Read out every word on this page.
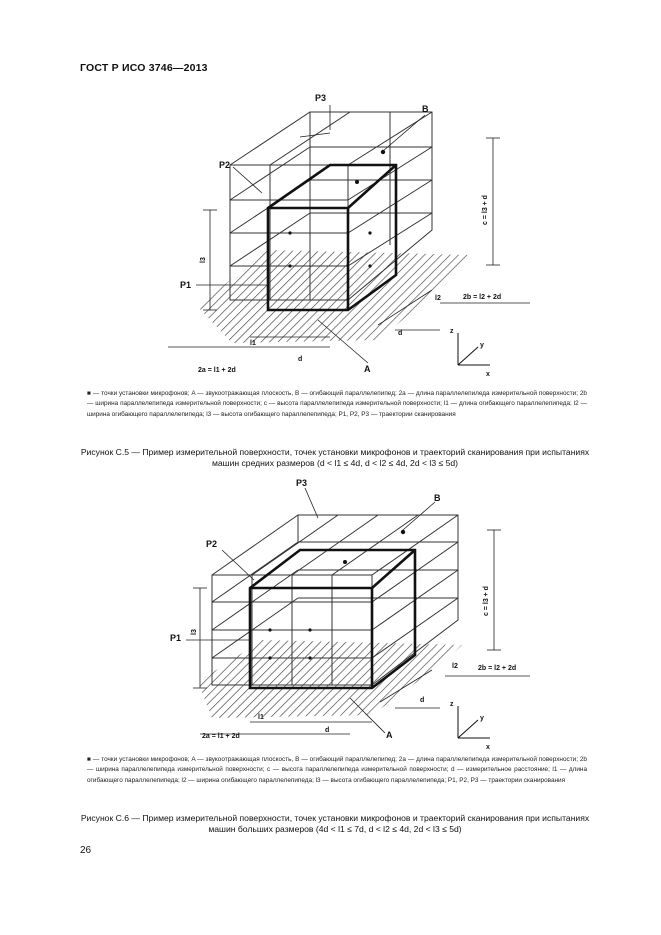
ГОСТ Р ИСО 3746—2013
P3
B
P2
P1
A
c = l3 + d
l3
l1
d
2a = l1 + 2d
2b = l2 + 2d
l2
d	z
x
y
■ — точки установки микрофонов; A — звукоотражающая плоскость, B — огибающий параллелепипед; 2a — длина параллелепиледа измерительной поверхности; 2b — ширина параллелепипеда измерительной поверхности; c — высота параллелепипеда измерительной поверхности; l1 — длина огибающего параллелепипеда; l2 — ширина огибающего параллелепипеда; l3 — высота огибающего параллелепипеда; P1, P2, P3 — траектории сканирования
Рисунок С.5 — Пример измерительной поверхности, точек установки микрофонов и траекторий сканирования при испытаниях машин средних размеров (d < l1 ≤ 4d, d < l2 ≤ 4d, 2d < l3 ≤ 5d)
P3
B
P2
P1
A
c = l3 + d
l3
l1
d
2a = l1 + 2d
2b = l2 + 2d
l2
d
z
x
y
■ — точки установки микрофонов; A — звукоотражающая плоскость, B — огибающий параллелепипед; 2a — длина параллелепипеда измерительной поверхности; 2b — ширина параллелепипеда измерительной поверхности; c — высота параллелепипеда измерительной поверхности; d — измерительное расстояние; l1 — длина огибающего параллелепипеда; l2 — ширина огибающего параллелепипеда; l3 — высота огибающего параллелепипеда; P1, P2, P3 — траектории сканирования
Рисунок С.6 — Пример измерительной поверхности, точек установки микрофонов и траекторий сканирования при испытаниях машин больших размеров (4d < l1 ≤ 7d, d < l2 ≤ 4d, 2d < l3 ≤ 5d)
26
